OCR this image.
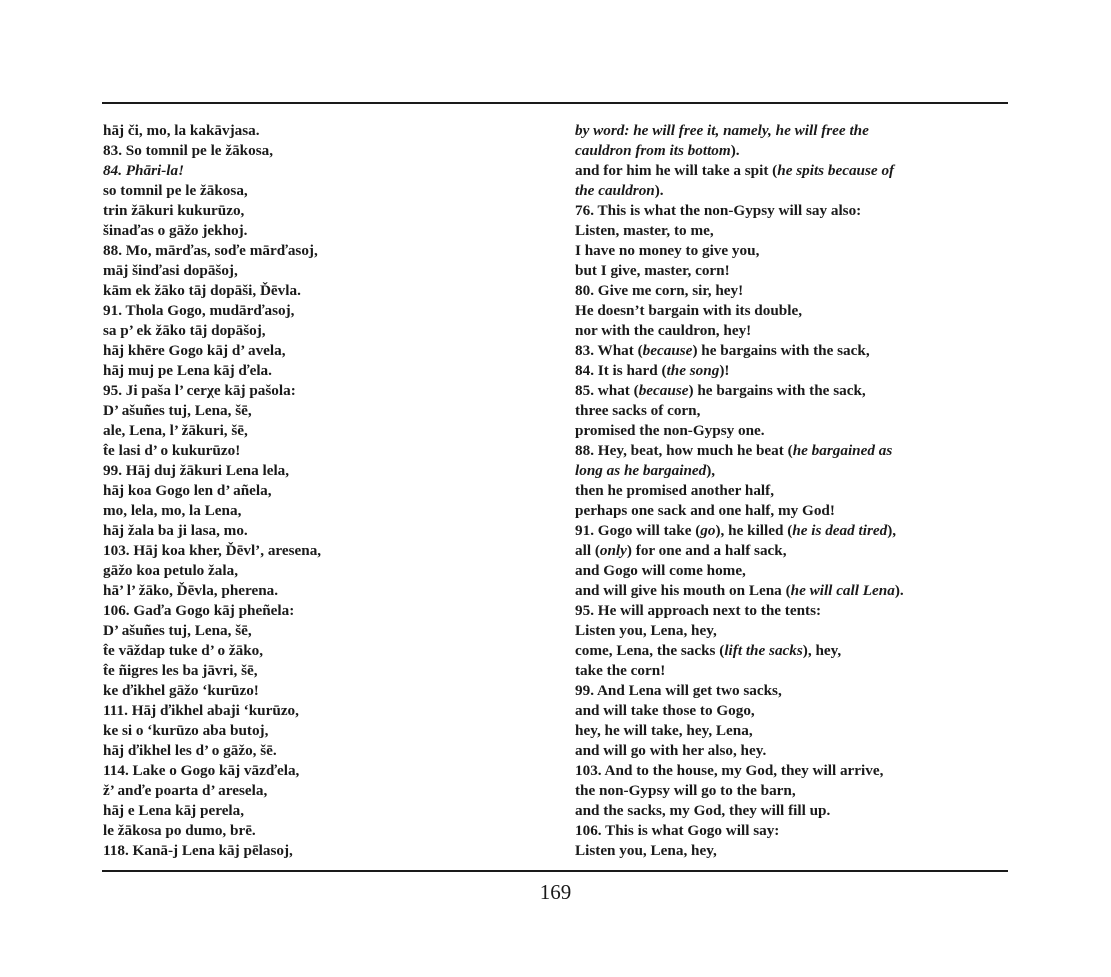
hāj či, mo, la kakāvjasa.
83. So tomnil pe le žākosa,
84. Phāri-la!
so tomnil pe le žākosa,
trin žākuri kukurūzo,
šinaďas o gāžo jekhoj.
88. Mo, mārďas, soďe mārďasoj,
māj šinďasi dopāšoj,
kām ek žāko tāj dopāši, Ďēvla.
91. Thola Gogo, mudārďasoj,
sa p’ ek žāko tāj dopāšoj,
hāj khēre Gogo kāj d’ avela,
hāj muj pe Lena kāj ďela.
95. Ji paša l’ cerχe kāj pašola:
D’ ašuñes tuj, Lena, šē,
ale, Lena, l’ žākuri, šē,
t̂e lasi d’ o kukurūzo!
99. Hāj duj žākuri Lena lela,
hāj koa Gogo len d’ añela,
mo, lela, mo, la Lena,
hāj žala ba ji lasa, mo.
103. Hāj koa kher, Ďēvl’, aresena,
gāžo koa petulo žala,
hā’ l’ žāko, Ďēvla, pherena.
106. Gaďa Gogo kāj pheñela:
D’ ašuñes tuj, Lena, šē,
t̂e vāždap tuke d’ o žāko,
t̂e ñigres les ba jāvri, šē,
ke ďikhel gāžo ‘kurūzo!
111. Hāj ďikhel abaji ‘kurūzo,
ke si o ‘kurūzo aba butoj,
hāj ďikhel les d’ o gāžo, šē.
114. Lake o Gogo kāj vāzďela,
ž’ anďe poarta d’ aresela,
hāj e Lena kāj perela,
le žākosa po dumo, brē.
118. Kanā-j Lena kāj pēlasoj,
by word: he will free it, namely, he will free the
cauldron from its bottom).
and for him he will take a spit (he spits because of
the cauldron).
76. This is what the non-Gypsy will say also:
Listen, master, to me,
I have no money to give you,
but I give, master, corn!
80. Give me corn, sir, hey!
He doesn’t bargain with its double,
nor with the cauldron, hey!
83. What (because) he bargains with the sack,
84. It is hard (the song)!
85. what (because) he bargains with the sack,
three sacks of corn,
promised the non-Gypsy one.
88. Hey, beat, how much he beat (he bargained as
long as he bargained),
then he promised another half,
perhaps one sack and one half, my God!
91. Gogo will take (go), he killed (he is dead tired),
all (only) for one and a half sack,
and Gogo will come home,
and will give his mouth on Lena (he will call Lena).
95. He will approach next to the tents:
Listen you, Lena, hey,
come, Lena, the sacks (lift the sacks), hey,
take the corn!
99. And Lena will get two sacks,
and will take those to Gogo,
hey, he will take, hey, Lena,
and will go with her also, hey.
103. And to the house, my God, they will arrive,
the non-Gypsy will go to the barn,
and the sacks, my God, they will fill up.
106. This is what Gogo will say:
Listen you, Lena, hey,
169
